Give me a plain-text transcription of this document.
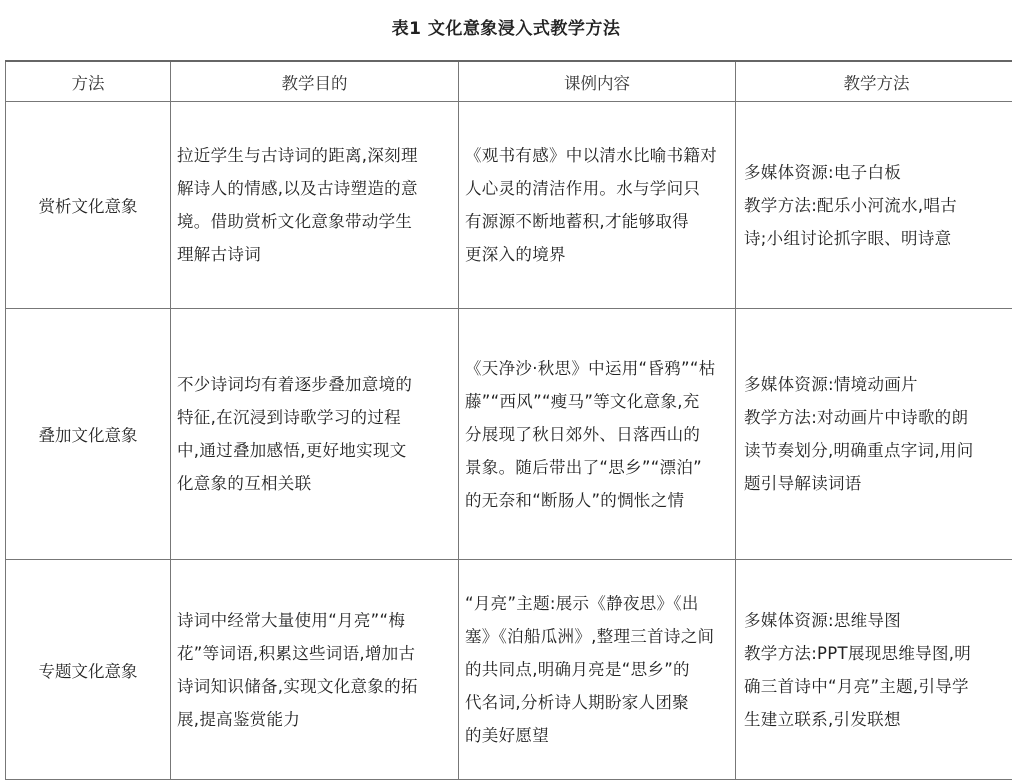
表1 文化意象浸入式教学方法
方法	教学目的	课例内容	教学方法
赏析文化意象	拉近学生与古诗词的距离,深刻理
解诗人的情感,以及古诗塑造的意
境。借助赏析文化意象带动学生
理解古诗词	《观书有感》中以清水比喻书籍对
人心灵的清洁作用。水与学问只
有源源不断地蓄积,才能够取得
更深入的境界	多媒体资源:电子白板
教学方法:配乐小河流水,唱古
诗;小组讨论抓字眼、明诗意

叠加文化意象	不少诗词均有着逐步叠加意境的
特征,在沉浸到诗歌学习的过程
中,通过叠加感悟,更好地实现文
化意象的互相关联	《天净沙·秋思》中运用“昏鸦”“枯
藤”“西风”“瘦马”等文化意象,充
分展现了秋日郊外、日落西山的
景象。随后带出了“思乡”“漂泊”
的无奈和“断肠人”的惆怅之情	多媒体资源:情境动画片
教学方法:对动画片中诗歌的朗
读节奏划分,明确重点字词,用问
题引导解读词语

专题文化意象	诗词中经常大量使用“月亮”“梅
花”等词语,积累这些词语,增加古
诗词知识储备,实现文化意象的拓
展,提高鉴赏能力	“月亮”主题:展示《静夜思》《出
塞》《泊船瓜洲》,整理三首诗之间
的共同点,明确月亮是“思乡”的
代名词,分析诗人期盼家人团聚
的美好愿望	多媒体资源:思维导图
教学方法:PPT展现思维导图,明
确三首诗中“月亮”主题,引导学
生建立联系,引发联想
